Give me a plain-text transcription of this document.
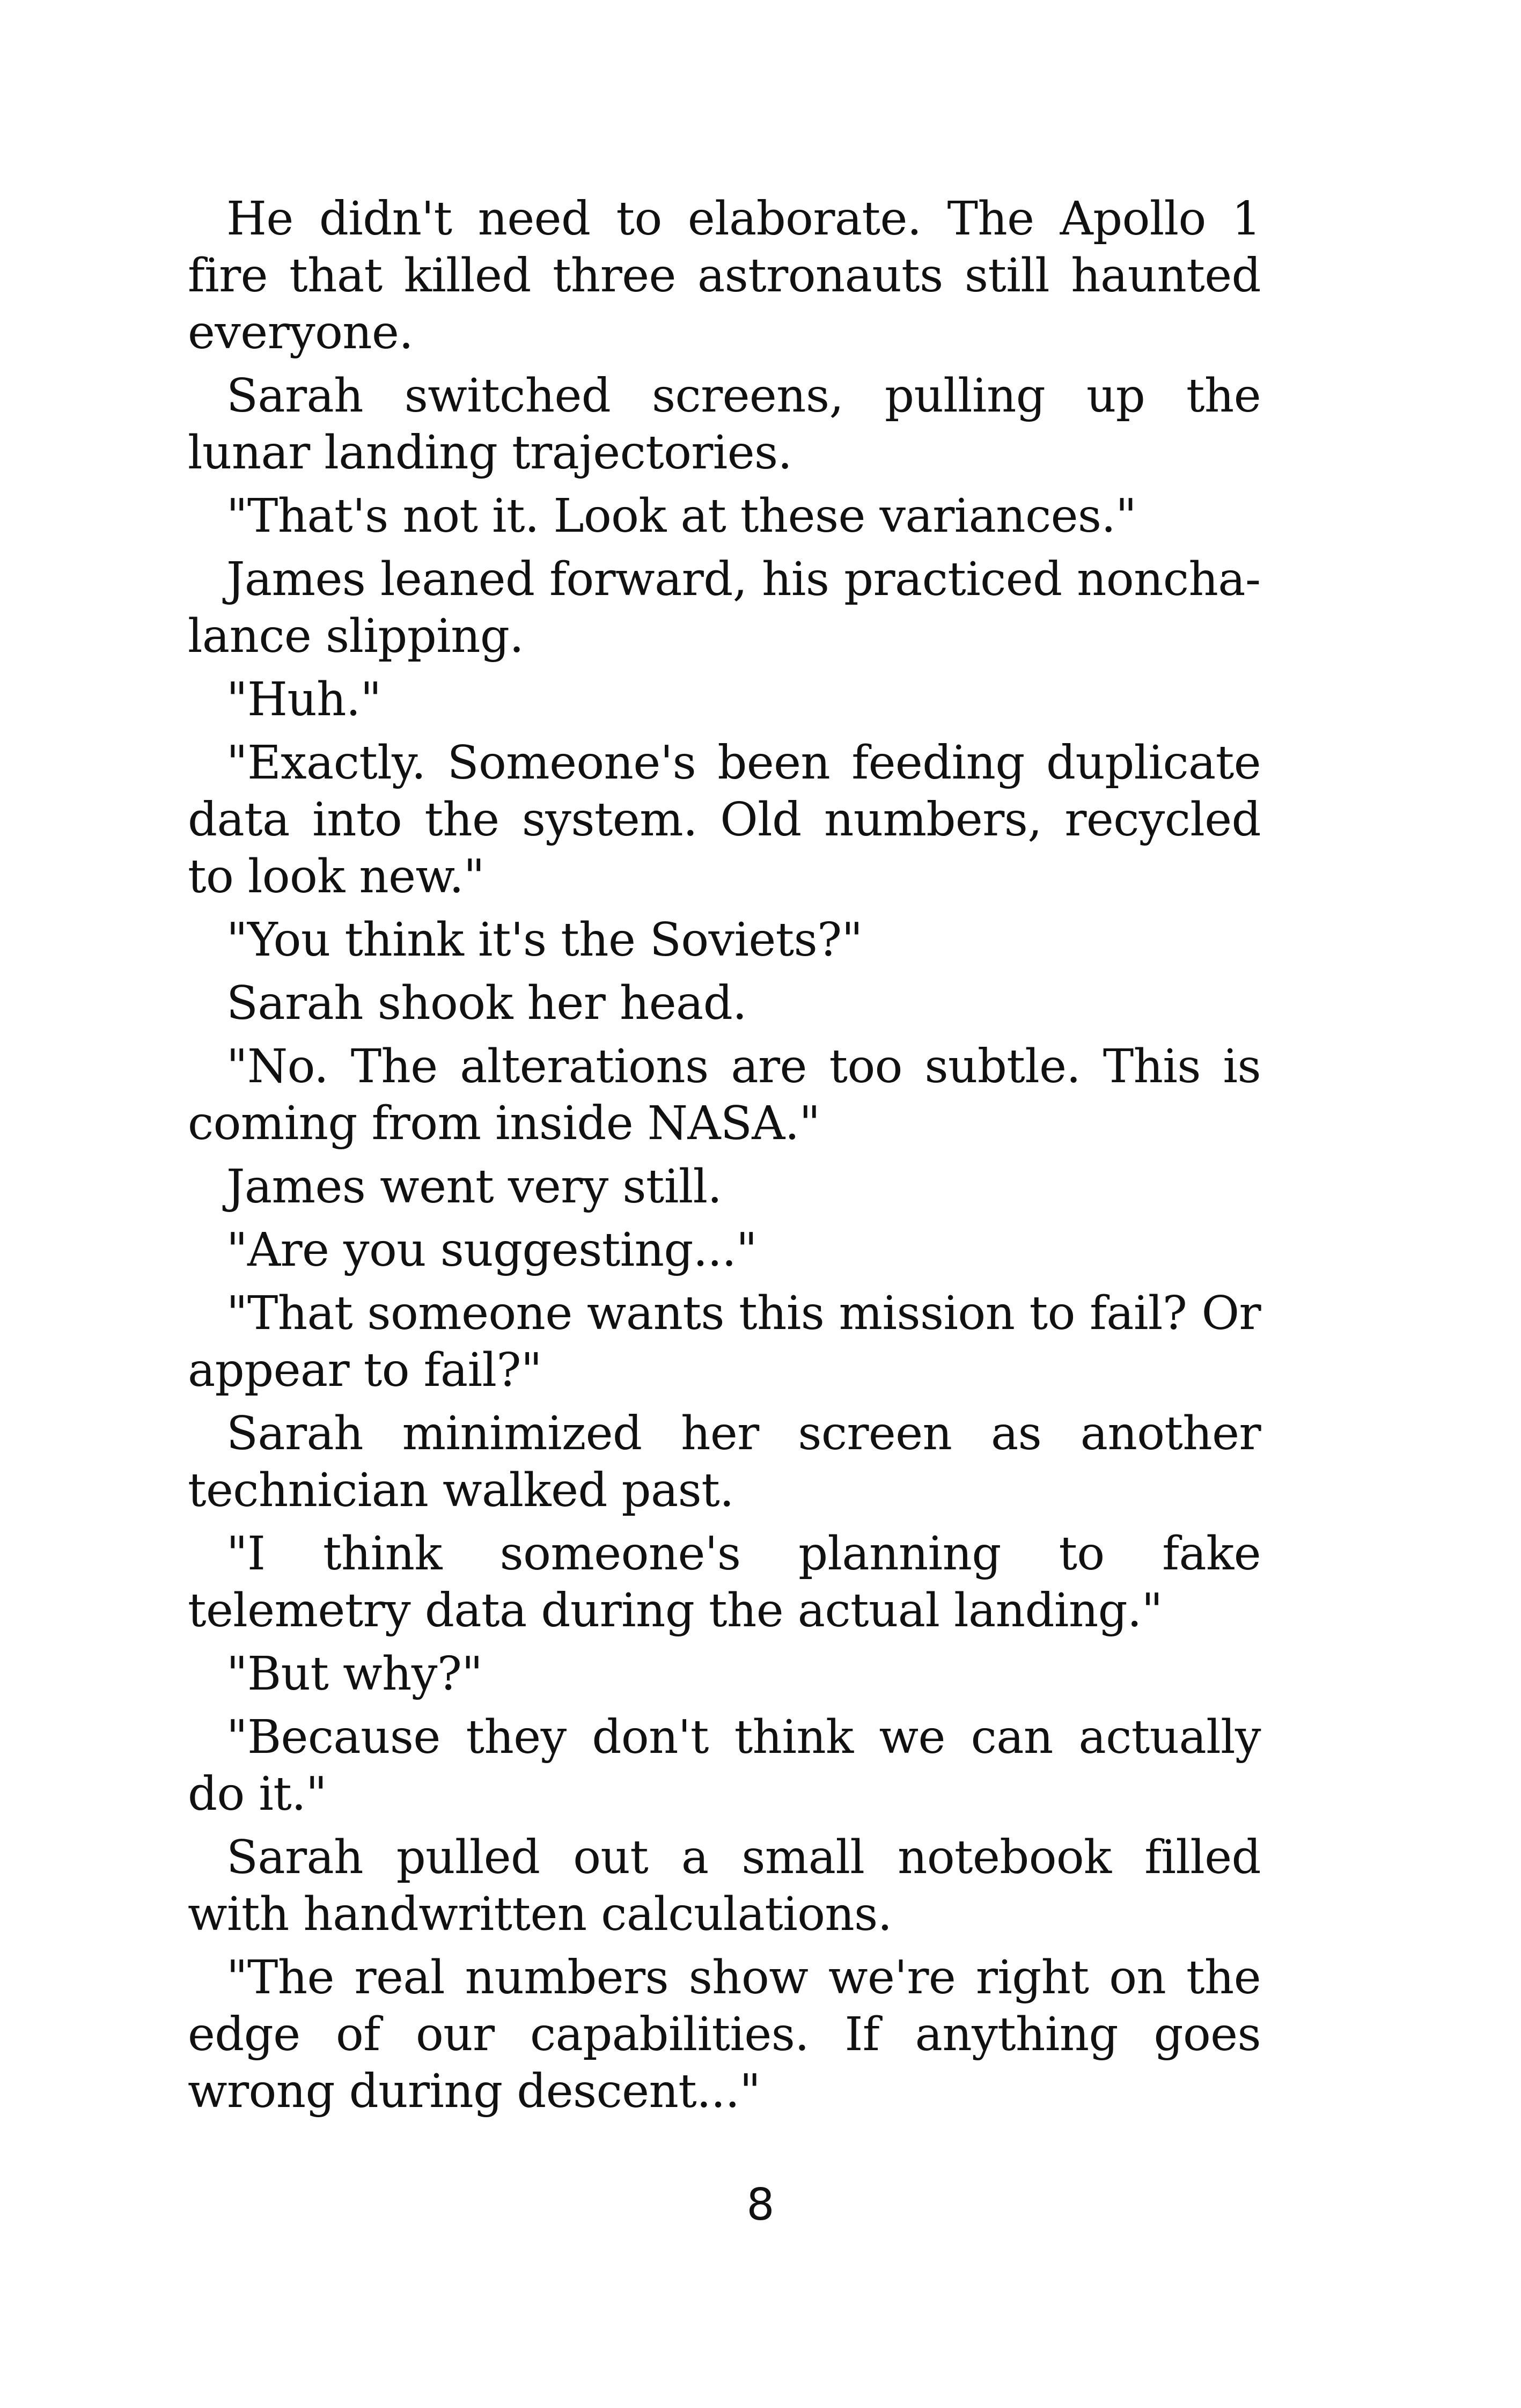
He didn't need to elaborate. The Apollo 1 fire that killed three astronauts still haunted everyone.

Sarah switched screens, pulling up the lunar landing trajectories.

"That's not it. Look at these variances."

James leaned forward, his practiced nonchalance slipping.

"Huh."

"Exactly. Someone's been feeding duplicate data into the system. Old numbers, recycled to look new."

"You think it's the Soviets?"

Sarah shook her head.

"No. The alterations are too subtle. This is coming from inside NASA."

James went very still.

"Are you suggesting..."

"That someone wants this mission to fail? Or appear to fail?"

Sarah minimized her screen as another technician walked past.

"I think someone's planning to fake telemetry data during the actual landing."

"But why?"

"Because they don't think we can actually do it."

Sarah pulled out a small notebook filled with handwritten calculations.

"The real numbers show we're right on the edge of our capabilities. If anything goes wrong during descent..."

8
